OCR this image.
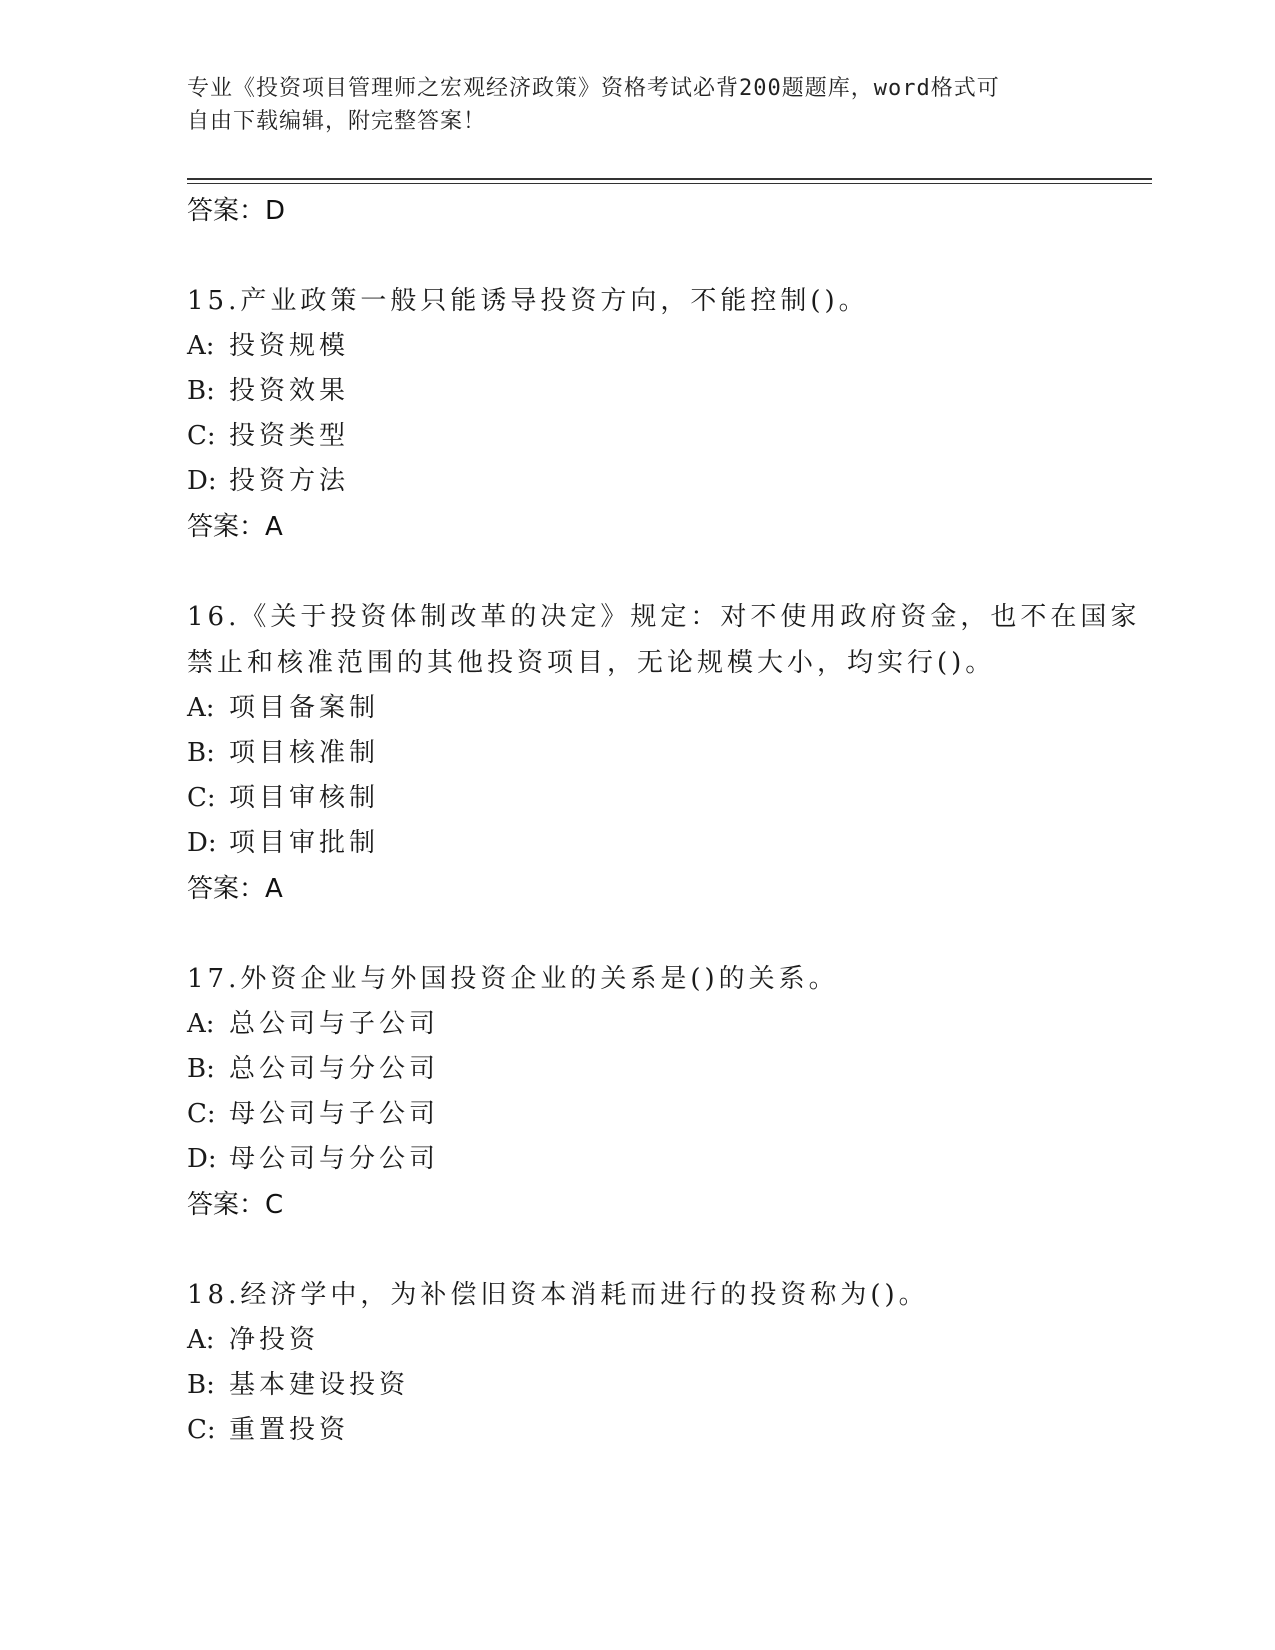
专业《投资项目管理师之宏观经济政策》资格考试必背200题题库，word格式可
自由下载编辑，附完整答案！
答案：D
15.产业政策一般只能诱导投资方向，不能控制()。
A: 投资规模
B: 投资效果
C: 投资类型
D: 投资方法
答案：A
16.《关于投资体制改革的决定》规定：对不使用政府资金，也不在国家禁止和核准范围的其他投资项目，无论规模大小，均实行()。
A: 项目备案制
B: 项目核准制
C: 项目审核制
D: 项目审批制
答案：A
17.外资企业与外国投资企业的关系是()的关系。
A: 总公司与子公司
B: 总公司与分公司
C: 母公司与子公司
D: 母公司与分公司
答案：C
18.经济学中，为补偿旧资本消耗而进行的投资称为()。
A: 净投资
B: 基本建设投资
C: 重置投资
